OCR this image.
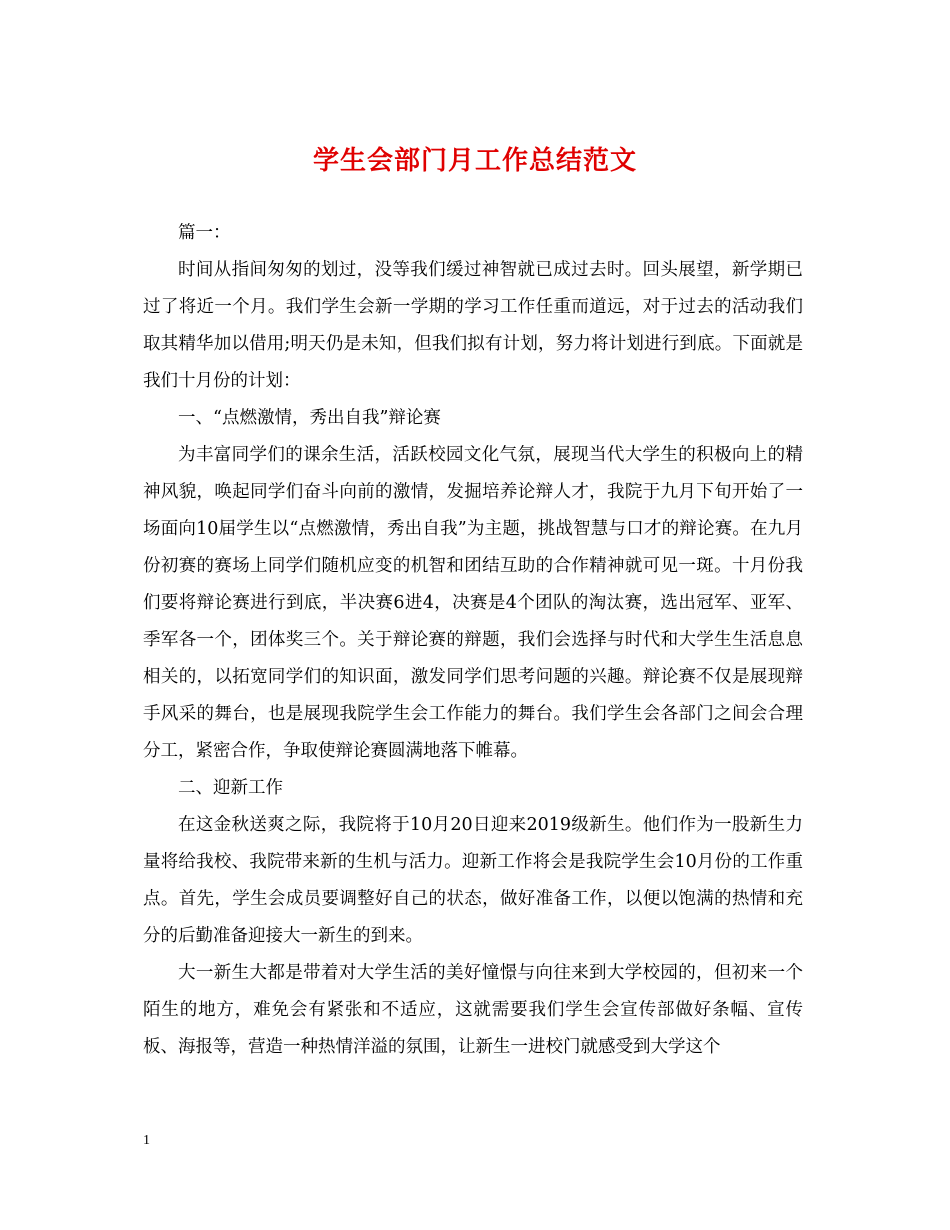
学生会部门月工作总结范文

篇一：

时间从指间匆匆的划过，没等我们缓过神智就已成过去时。回头展望，新学期已过了将近一个月。我们学生会新一学期的学习工作任重而道远，对于过去的活动我们取其精华加以借用;明天仍是未知，但我们拟有计划，努力将计划进行到底。下面就是我们十月份的计划：

一、“点燃激情，秀出自我”辩论赛

为丰富同学们的课余生活，活跃校园文化气氛，展现当代大学生的积极向上的精神风貌，唤起同学们奋斗向前的激情，发掘培养论辩人才，我院于九月下旬开始了一场面向10届学生以“点燃激情，秀出自我”为主题，挑战智慧与口才的辩论赛。在九月份初赛的赛场上同学们随机应变的机智和团结互助的合作精神就可见一斑。十月份我们要将辩论赛进行到底，半决赛6进4，决赛是4个团队的淘汰赛，选出冠军、亚军、季军各一个，团体奖三个。关于辩论赛的辩题，我们会选择与时代和大学生生活息息相关的，以拓宽同学们的知识面，激发同学们思考问题的兴趣。辩论赛不仅是展现辩手风采的舞台，也是展现我院学生会工作能力的舞台。我们学生会各部门之间会合理分工，紧密合作，争取使辩论赛圆满地落下帷幕。

二、迎新工作

在这金秋送爽之际，我院将于10月20日迎来2019级新生。他们作为一股新生力量将给我校、我院带来新的生机与活力。迎新工作将会是我院学生会10月份的工作重点。首先，学生会成员要调整好自己的状态，做好准备工作，以便以饱满的热情和充分的后勤准备迎接大一新生的到来。

大一新生大都是带着对大学生活的美好憧憬与向往来到大学校园的，但初来一个陌生的地方，难免会有紧张和不适应，这就需要我们学生会宣传部做好条幅、宣传板、海报等，营造一种热情洋溢的氛围，让新生一进校门就感受到大学这个

1
